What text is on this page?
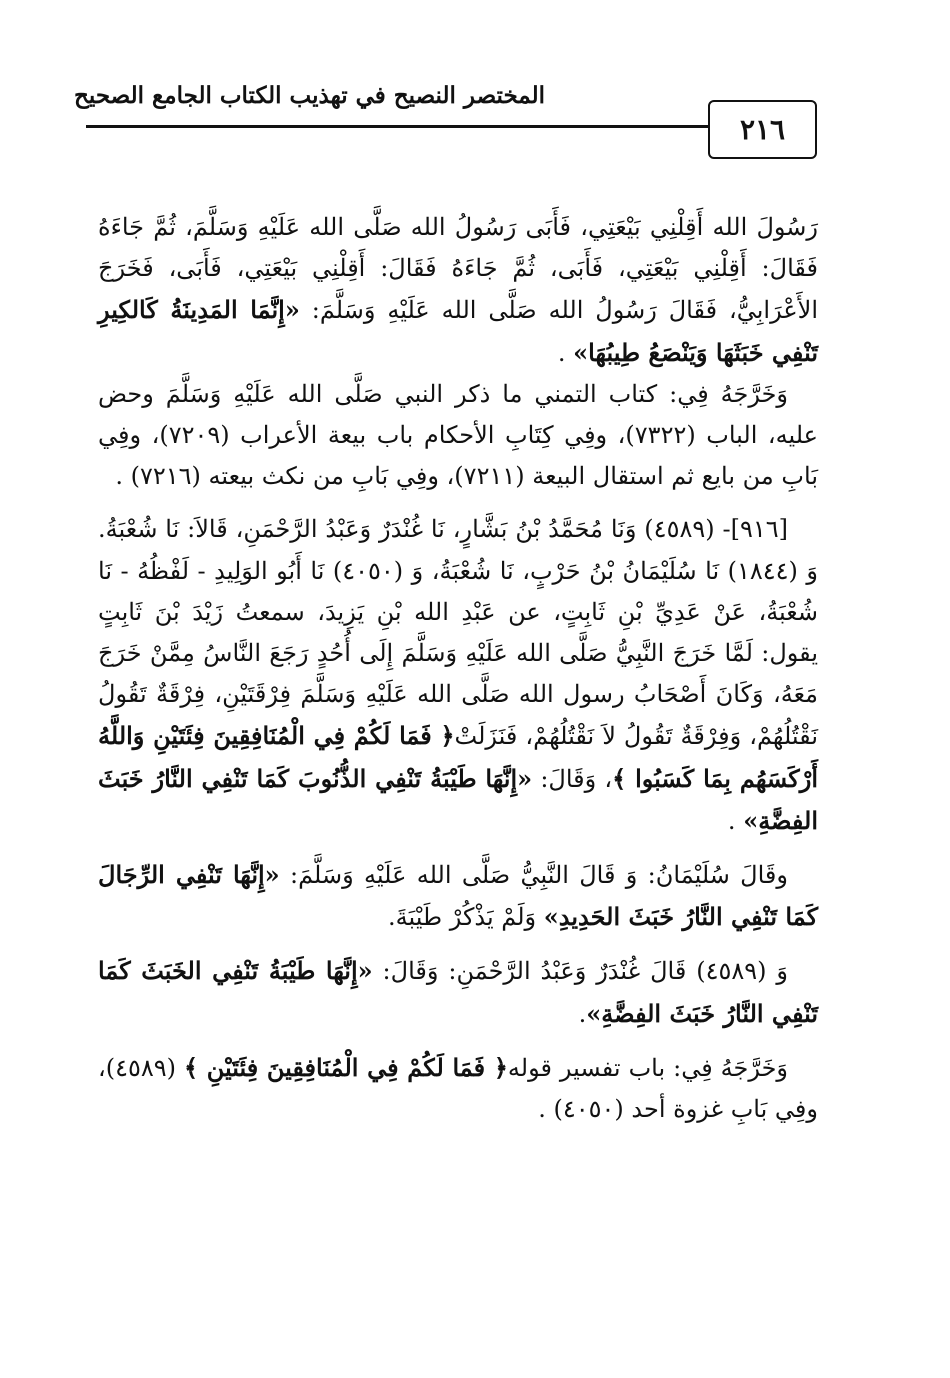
المختصر النصيح في تهذيب الكتاب الجامع الصحيح
٢١٦

رَسُولَ الله أَقِلْنِي بَيْعَتِي، فَأَبَى رَسُولُ الله صَلَّى الله عَلَيْهِ وَسَلَّمَ، ثُمَّ جَاءَهُ فَقَالَ: أَقِلْنِي بَيْعَتِي، فَأَبَى، ثُمَّ جَاءَهُ فَقَالَ: أَقِلْنِي بَيْعَتِي، فَأَبَى، فَخَرَجَ الأَعْرَابِيُّ، فَقَالَ رَسُولُ الله صَلَّى الله عَلَيْهِ وَسَلَّمَ: «إِنَّمَا المَدِينَةُ كَالكِيرِ تَنْفِي خَبَثَهَا وَيَنْصَعُ طِيبُهَا» .

وَخَرَّجَهُ فِي: كتاب التمني ما ذكر النبي صَلَّى الله عَلَيْهِ وَسَلَّمَ وحض عليه، الباب (٧٣٢٢)، وفِي كِتَابِ الأحكام باب بيعة الأعراب (٧٢٠٩)، وفِي بَابِ من بايع ثم استقال البيعة (٧٢١١)، وفِي بَابِ من نكث بيعته (٧٢١٦) .

[٩١٦]- (٤٥٨٩) وَنَا مُحَمَّدُ بْنُ بَشَّارٍ، نَا غُنْدَرٌ وَعَبْدُ الرَّحْمَنِ، قَالاَ: نَا شُعْبَةُ. وَ (١٨٤٤) نَا سُلَيْمَانُ بْنُ حَرْبٍ، نَا شُعْبَةُ، وَ (٤٠٥٠) نَا أَبُو الوَلِيدِ - لَفْظُهُ - نَا شُعْبَةُ، عَنْ عَدِيِّ بْنِ ثَابِتٍ، عن عَبْدِ الله بْنِ يَزِيدَ، سمعتُ زَيْدَ بْنَ ثَابِتٍ يقول: لَمَّا خَرَجَ النَّبِيُّ صَلَّى الله عَلَيْهِ وَسَلَّمَ إِلَى أُحُدٍ رَجَعَ النَّاسُ مِمَّنْ خَرَجَ مَعَهُ، وَكَانَ أَصْحَابُ رسول الله صَلَّى الله عَلَيْهِ وَسَلَّمَ فِرْقَتَيْنِ، فِرْقَةٌ تَقُولُ نَقْتُلُهُمْ، وَفِرْقَةٌ تَقُولُ لاَ نَقْتُلُهُمْ، فَنَزَلَتْ﴿ فَمَا لَكُمْ فِي الْمُنَافِقِينَ فِئَتَيْنِ وَاللَّهُ أَرْكَسَهُم بِمَا كَسَبُوا ﴾، وَقَالَ: «إِنَّهَا طَيْبَةُ تَنْفِي الذُّنُوبَ كَمَا تَنْفِي النَّارُ خَبَثَ الفِضَّةِ» .

وقَالَ سُلَيْمَانُ: وَ قَالَ النَّبِيُّ صَلَّى الله عَلَيْهِ وَسَلَّمَ: «إِنَّهَا تَنْفِي الرِّجَالَ كَمَا تَنْفِي النَّارُ خَبَثَ الحَدِيدِ» وَلَمْ يَذْكُرْ طَيْبَةَ.

وَ (٤٥٨٩) قَالَ غُنْدَرٌ وَعَبْدُ الرَّحْمَنِ: وَقَالَ: «إِنَّهَا طَيْبَةُ تَنْفِي الخَبَثَ كَمَا تَنْفِي النَّارُ خَبَثَ الفِضَّةِ».

وَخَرَّجَهُ فِي: باب تفسير قوله﴿ فَمَا لَكُمْ فِي الْمُنَافِقِينَ فِئَتَيْنِ ﴾ (٤٥٨٩)، وفِي بَابِ غزوة أحد (٤٠٥٠) .
